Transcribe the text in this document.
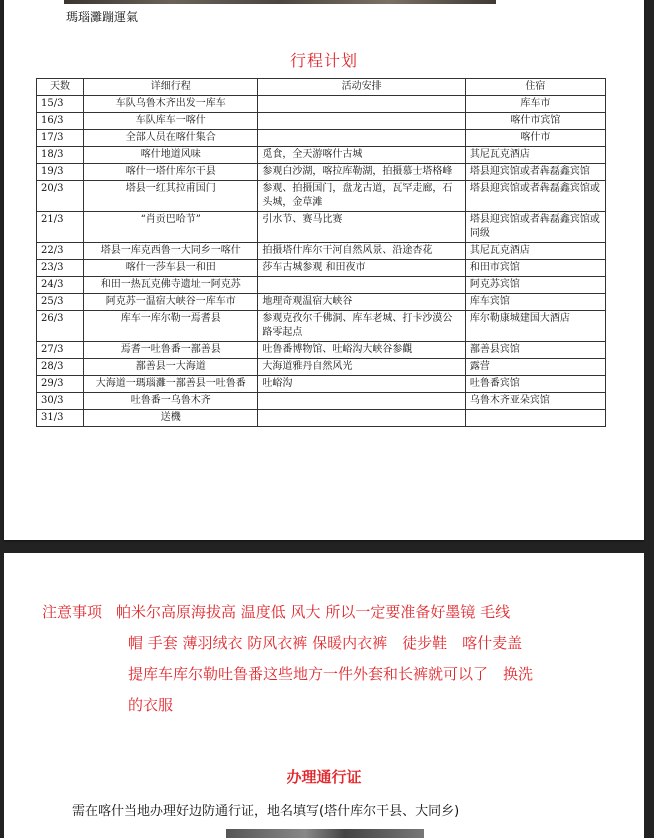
瑪瑙灘蹦運氣
行程计划
天数	详细行程	活动安排	住宿
15/3	车队乌鲁木齐出发一库车		库车市
16/3	车队库车一喀什		喀什市宾馆
17/3	全部人员在喀什集合		喀什市
18/3	喀什地道风味	觅食，全天游喀什古城	其尼瓦克酒店
19/3	喀什一塔什库尔干县	参观白沙湖，喀拉库勒湖，拍摄慕士塔格峰	塔县迎宾馆或者犇磊鑫宾馆
20/3	塔县一红其拉甫国门	参观、拍摄国门，盘龙古道，瓦罕走廊，石头城，金草滩	塔县迎宾馆或者犇磊鑫宾馆或
21/3	“肖贡巴哈节”	引水节、赛马比赛	塔县迎宾馆或者犇磊鑫宾馆或同级
22/3	塔县一库克西鲁一大同乡一喀什	拍摄塔什库尔干河自然风景、沿途杏花	其尼瓦克酒店
23/3	喀什一莎车县一和田	莎车古城参观 和田夜市	和田市宾馆
24/3	和田一热瓦克佛寺遗址一阿克苏		阿克苏宾馆
25/3	阿克苏一温宿大峡谷一库车市	地理奇观温宿大峡谷	库车宾馆
26/3	库车一库尔勒一焉耆县	参观克孜尔千佛洞、库车老城、打卡沙漠公路零起点	库尔勒康城建国大酒店
27/3	焉耆一吐鲁番一鄯善县	吐鲁番博物馆、吐峪沟大峡谷参觀	鄯善县宾馆
28/3	鄯善县一大海道	大海道雅丹自然风光	露营
29/3	大海道一瑪瑙灘一鄯善县一吐鲁番	吐峪沟	吐鲁番宾馆
30/3	吐鲁番一乌鲁木齐		乌鲁木齐亚朵宾馆
31/3	送機		
注意事项 帕米尔高原海拔高 温度低 风大 所以一定要准备好墨镜 毛线
帽 手套 薄羽绒衣 防风衣裤 保暖内衣裤　徒步鞋　喀什麦盖
提库车库尔勒吐鲁番这些地方一件外套和长裤就可以了　换洗
的衣服
办理通行证
需在喀什当地办理好边防通行证，地名填写(塔什库尔干县、大同乡)
